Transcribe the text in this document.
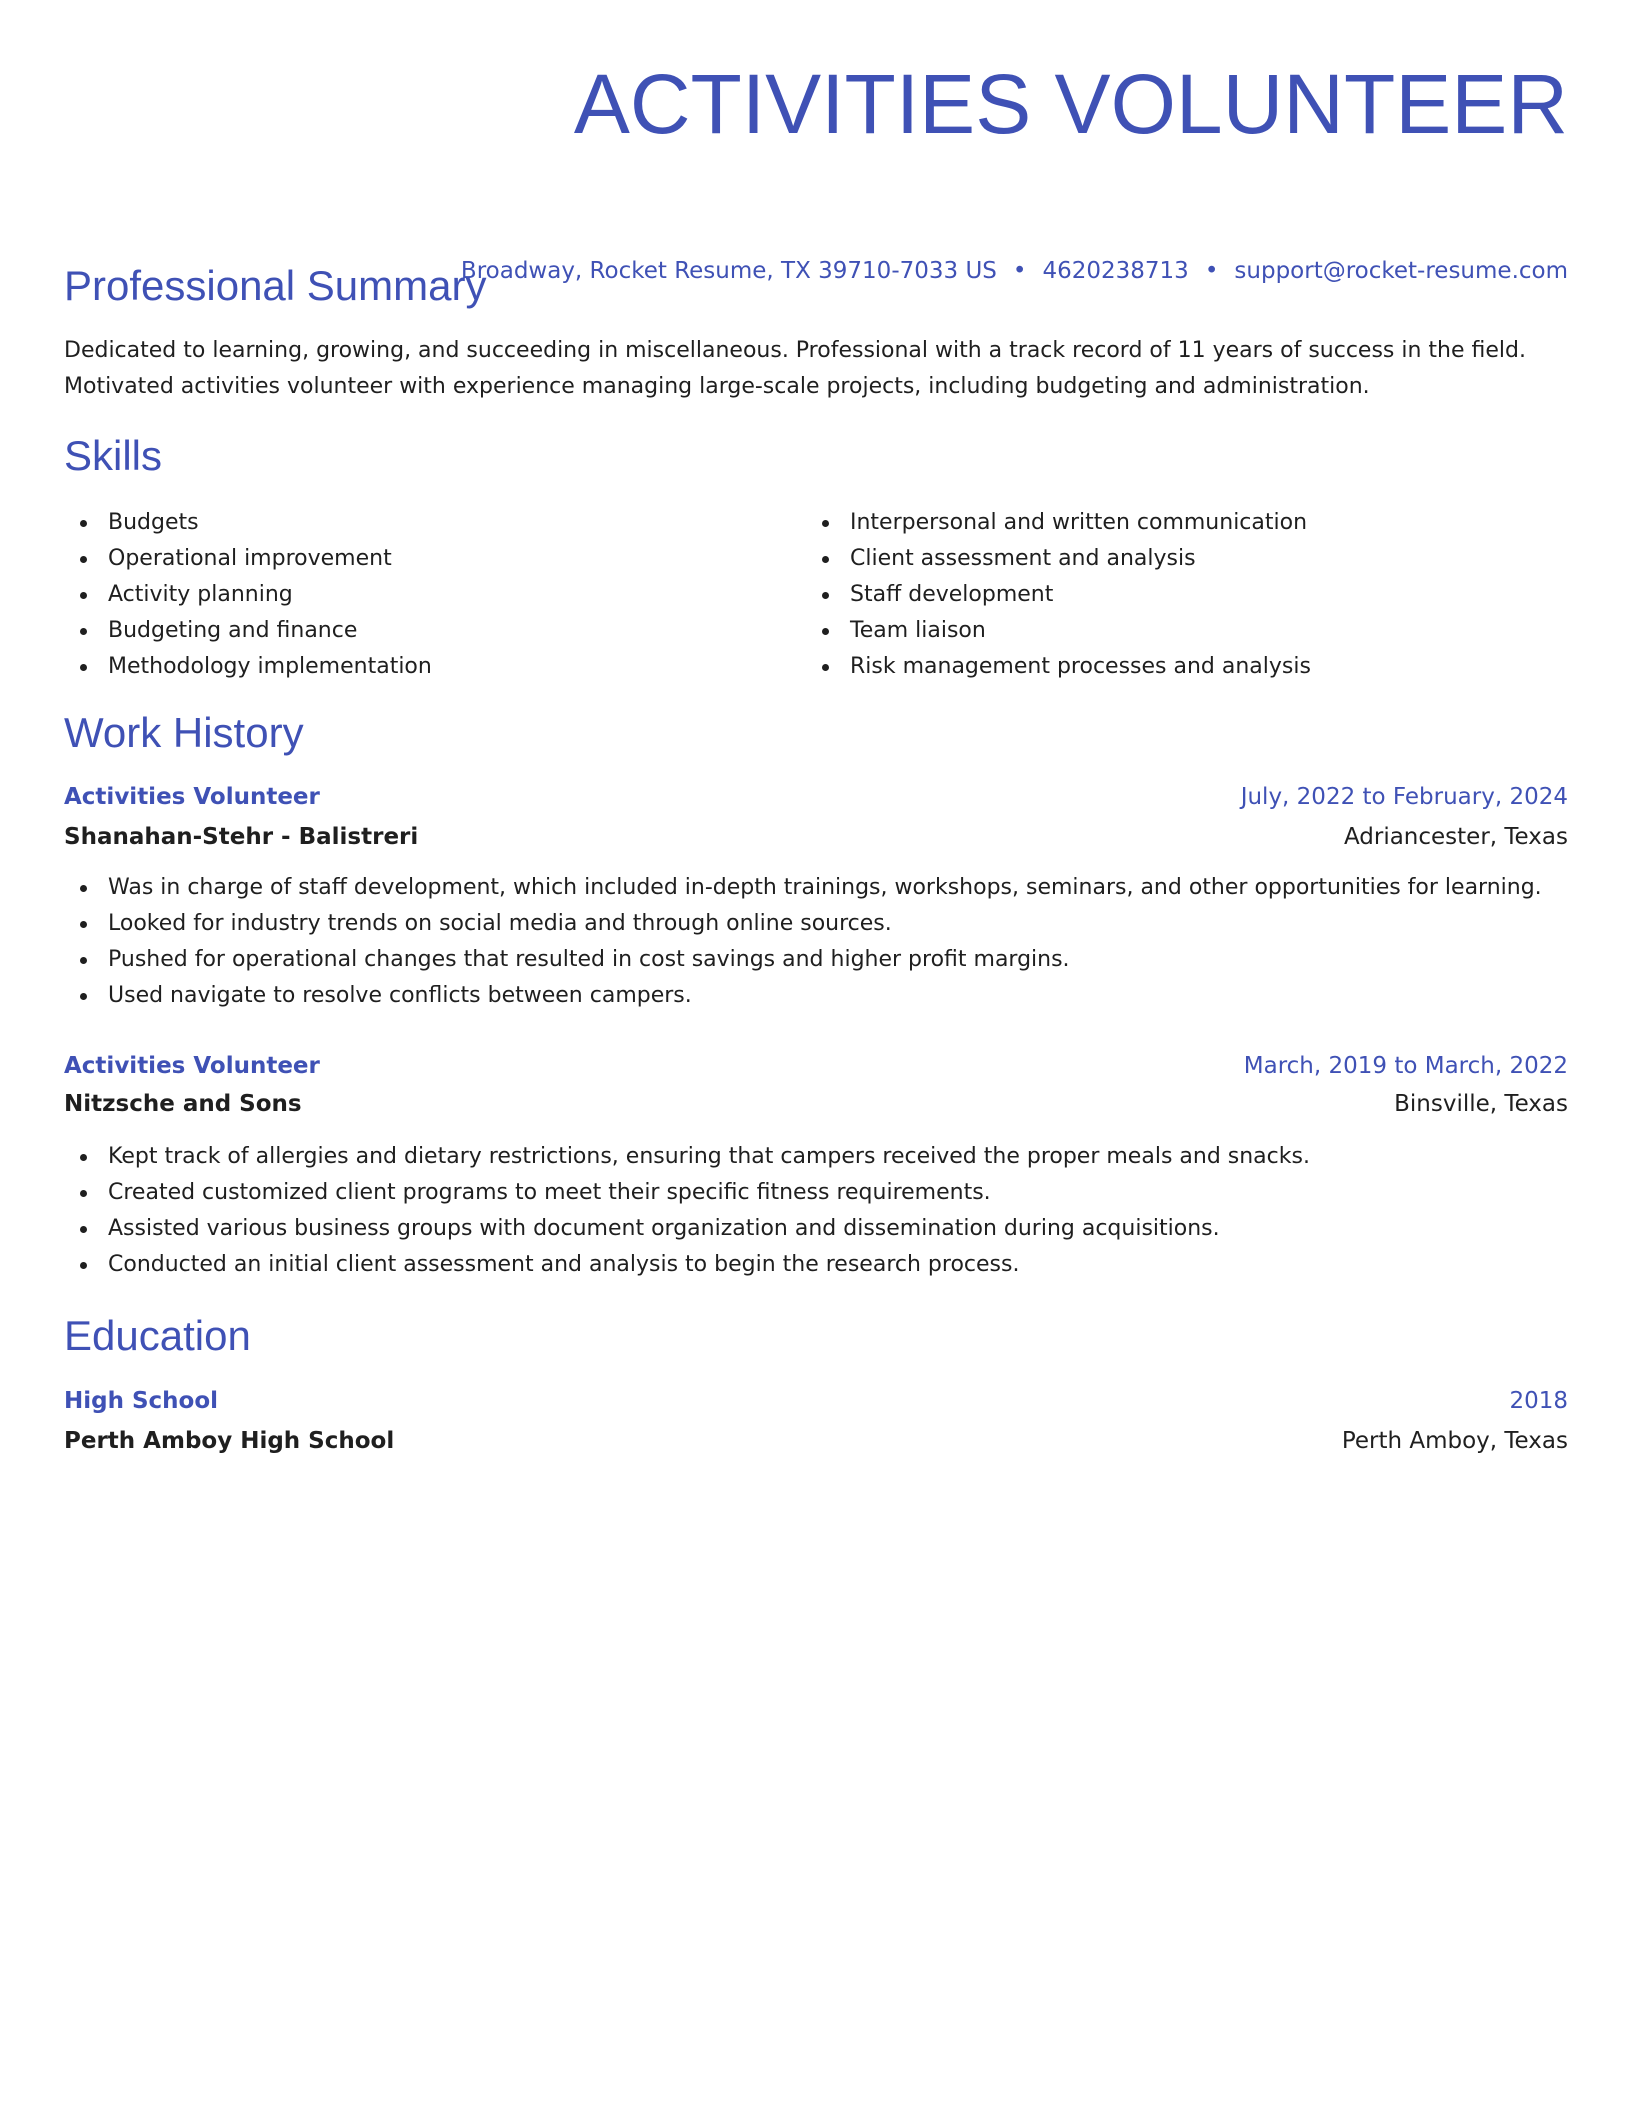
ACTIVITIES VOLUNTEER
Broadway, Rocket Resume, TX 39710-7033 US • 4620238713 • support@rocket-resume.com
Professional Summary

Dedicated to learning, growing, and succeeding in miscellaneous. Professional with a track record of 11 years of success in the field.

Motivated activities volunteer with experience managing large-scale projects, including budgeting and administration.

Skills
Budgets
Operational improvement
Activity planning
Budgeting and finance
Methodology implementation
Interpersonal and written communication
Client assessment and analysis
Staff development
Team liaison
Risk management processes and analysis
Work History
Activities Volunteer	July, 2022 to February, 2024
Shanahan-Stehr - Balistreri	Adriancester, Texas
Was in charge of staff development, which included in-depth trainings, workshops, seminars, and other opportunities for learning.
Looked for industry trends on social media and through online sources.
Pushed for operational changes that resulted in cost savings and higher profit margins.
Used navigate to resolve conflicts between campers.
Activities Volunteer	March, 2019 to March, 2022
Nitzsche and Sons	Binsville, Texas
Kept track of allergies and dietary restrictions, ensuring that campers received the proper meals and snacks.
Created customized client programs to meet their specific fitness requirements.
Assisted various business groups with document organization and dissemination during acquisitions.
Conducted an initial client assessment and analysis to begin the research process.
Education
High School	2018
Perth Amboy High School	Perth Amboy, Texas
